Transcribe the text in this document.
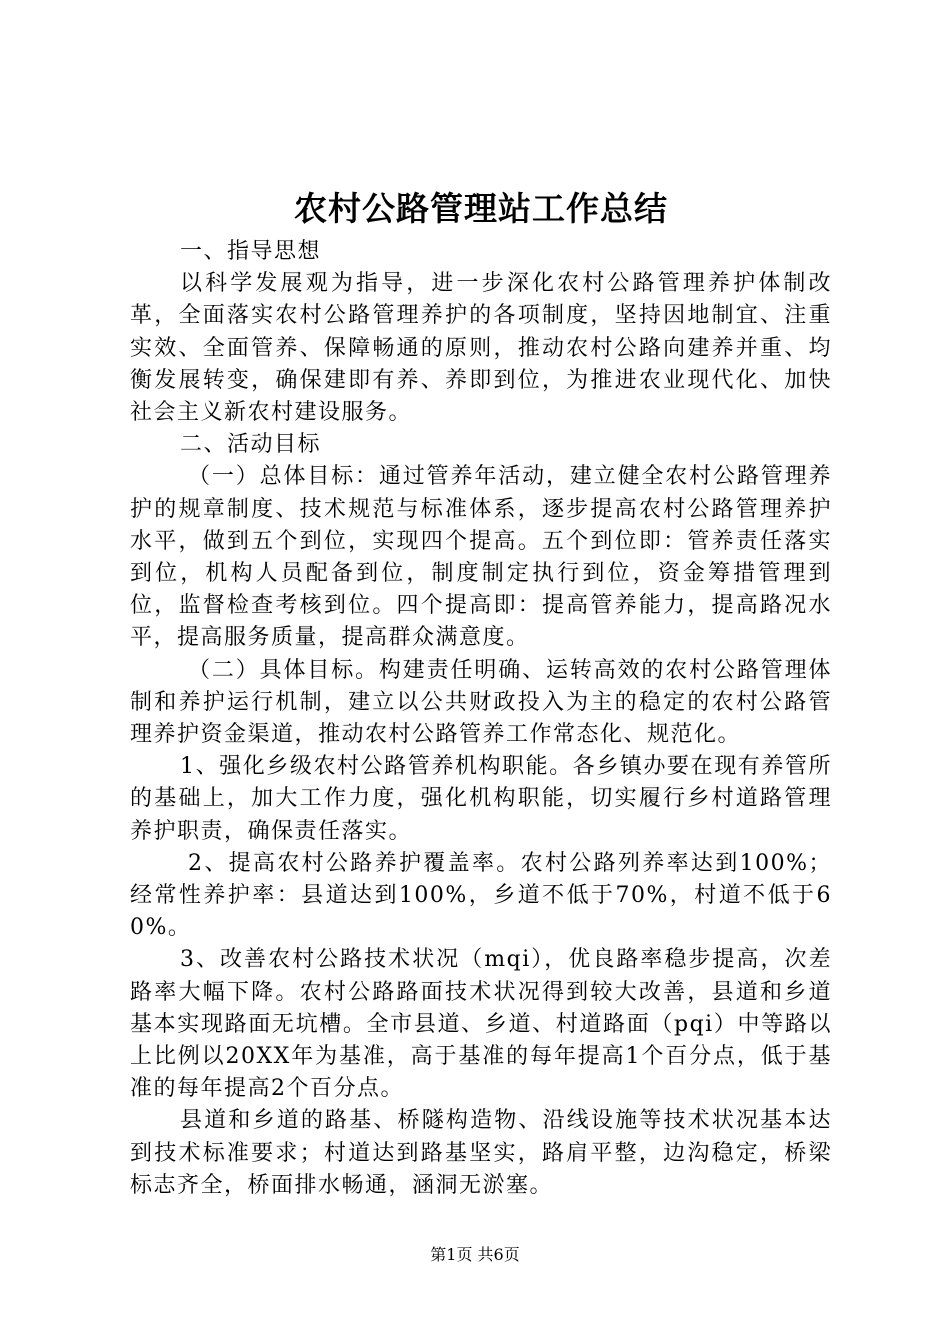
农村公路管理站工作总结

一、指导思想

以科学发展观为指导，进一步深化农村公路管理养护体制改革，全面落实农村公路管理养护的各项制度，坚持因地制宜、注重实效、全面管养、保障畅通的原则，推动农村公路向建养并重、均衡发展转变，确保建即有养、养即到位，为推进农业现代化、加快社会主义新农村建设服务。

二、活动目标

（一）总体目标：通过管养年活动，建立健全农村公路管理养护的规章制度、技术规范与标准体系，逐步提高农村公路管理养护水平，做到五个到位，实现四个提高。五个到位即：管养责任落实到位，机构人员配备到位，制度制定执行到位，资金筹措管理到位，监督检查考核到位。四个提高即：提高管养能力，提高路况水平，提高服务质量，提高群众满意度。

（二）具体目标。构建责任明确、运转高效的农村公路管理体制和养护运行机制，建立以公共财政投入为主的稳定的农村公路管理养护资金渠道，推动农村公路管养工作常态化、规范化。

1、强化乡级农村公路管养机构职能。各乡镇办要在现有养管所的基础上，加大工作力度，强化机构职能，切实履行乡村道路管理养护职责，确保责任落实。

2、提高农村公路养护覆盖率。农村公路列养率达到100%；经常性养护率：县道达到100%，乡道不低于70%，村道不低于60%。

3、改善农村公路技术状况（mqi），优良路率稳步提高，次差路率大幅下降。农村公路路面技术状况得到较大改善，县道和乡道基本实现路面无坑槽。全市县道、乡道、村道路面（pqi）中等路以上比例以20XX年为基准，高于基准的每年提高1个百分点，低于基准的每年提高2个百分点。

县道和乡道的路基、桥隧构造物、沿线设施等技术状况基本达到技术标准要求；村道达到路基坚实，路肩平整，边沟稳定，桥梁标志齐全，桥面排水畅通，涵洞无淤塞。

第1页 共6页
